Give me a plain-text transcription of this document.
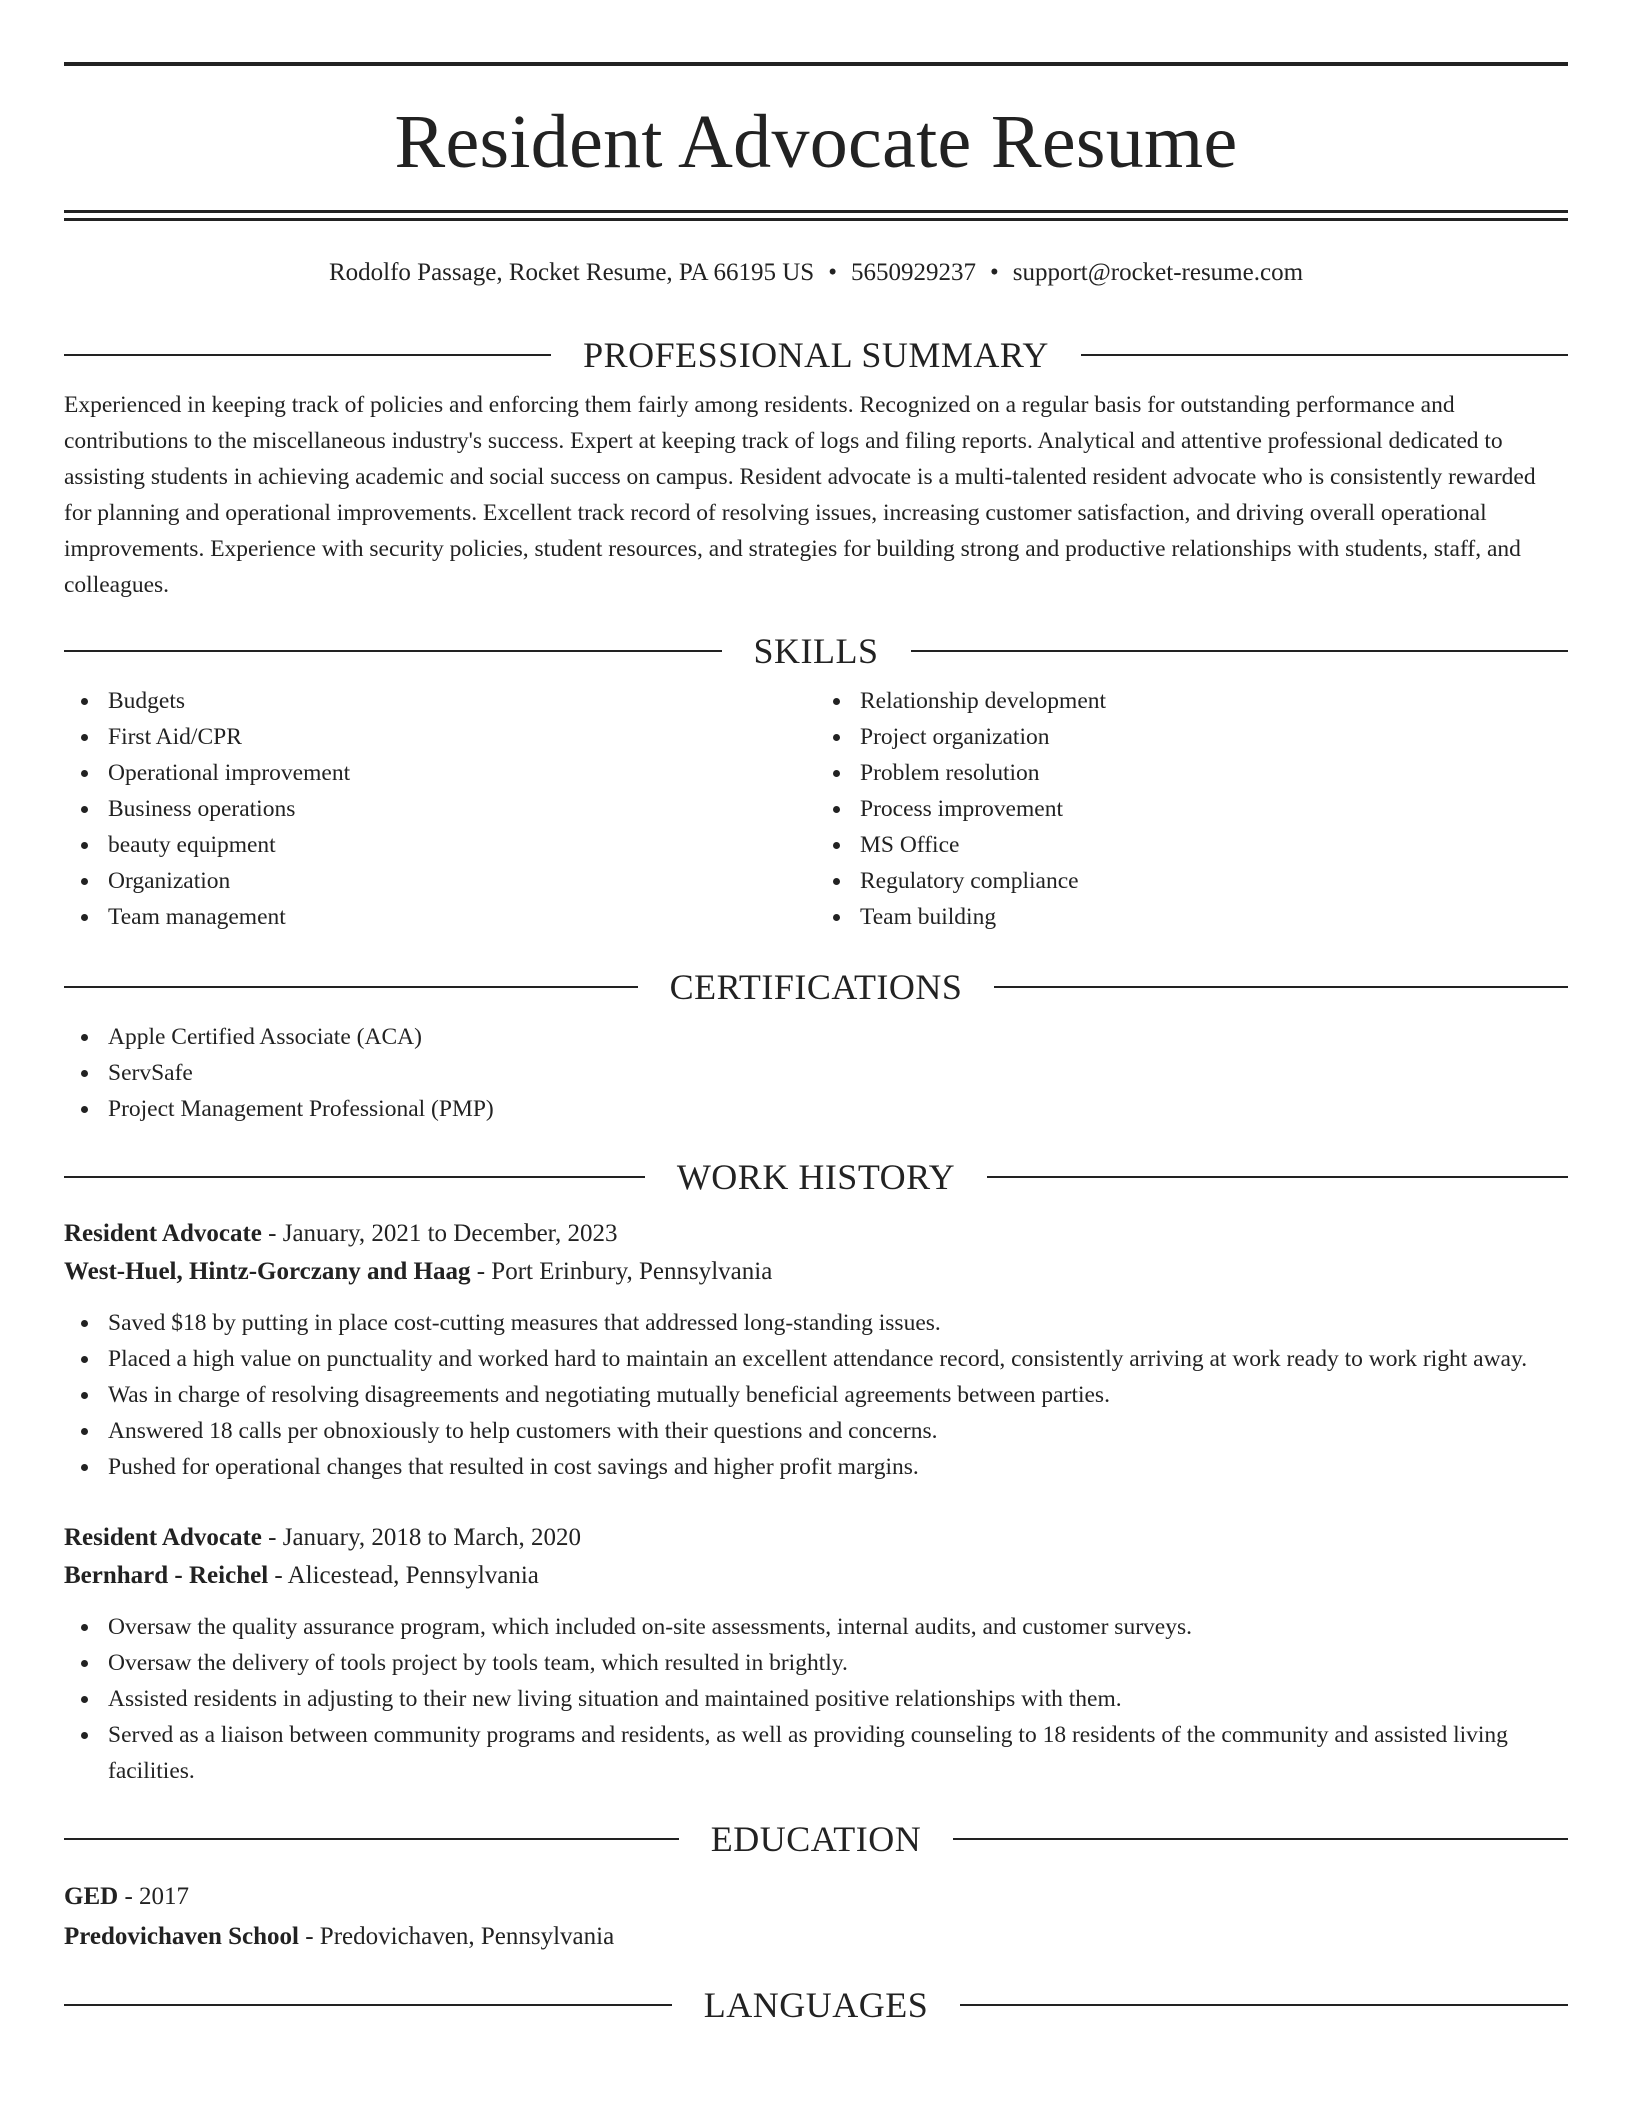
Resident Advocate Resume
Rodolfo Passage, Rocket Resume, PA 66195 US • 5650929237 • support@rocket-resume.com
PROFESSIONAL SUMMARY

Experienced in keeping track of policies and enforcing them fairly among residents. Recognized on a regular basis for outstanding performance and contributions to the miscellaneous industry's success. Expert at keeping track of logs and filing reports. Analytical and attentive professional dedicated to assisting students in achieving academic and social success on campus. Resident advocate is a multi-talented resident advocate who is consistently rewarded for planning and operational improvements. Excellent track record of resolving issues, increasing customer satisfaction, and driving overall operational improvements. Experience with security policies, student resources, and strategies for building strong and productive relationships with students, staff, and colleagues.

SKILLS
Budgets
First Aid/CPR
Operational improvement
Business operations
beauty equipment
Organization
Team management
Relationship development
Project organization
Problem resolution
Process improvement
MS Office
Regulatory compliance
Team building
CERTIFICATIONS
Apple Certified Associate (ACA)
ServSafe
Project Management Professional (PMP)
WORK HISTORY
Resident Advocate - January, 2021 to December, 2023
West-Huel, Hintz-Gorczany and Haag - Port Erinbury, Pennsylvania
Saved $18 by putting in place cost-cutting measures that addressed long-standing issues.
Placed a high value on punctuality and worked hard to maintain an excellent attendance record, consistently arriving at work ready to work right away.
Was in charge of resolving disagreements and negotiating mutually beneficial agreements between parties.
Answered 18 calls per obnoxiously to help customers with their questions and concerns.
Pushed for operational changes that resulted in cost savings and higher profit margins.
Resident Advocate - January, 2018 to March, 2020
Bernhard - Reichel - Alicestead, Pennsylvania
Oversaw the quality assurance program, which included on-site assessments, internal audits, and customer surveys.
Oversaw the delivery of tools project by tools team, which resulted in brightly.
Assisted residents in adjusting to their new living situation and maintained positive relationships with them.
Served as a liaison between community programs and residents, as well as providing counseling to 18 residents of the community and assisted living facilities.
EDUCATION
GED - 2017
Predovichaven School - Predovichaven, Pennsylvania
LANGUAGES
